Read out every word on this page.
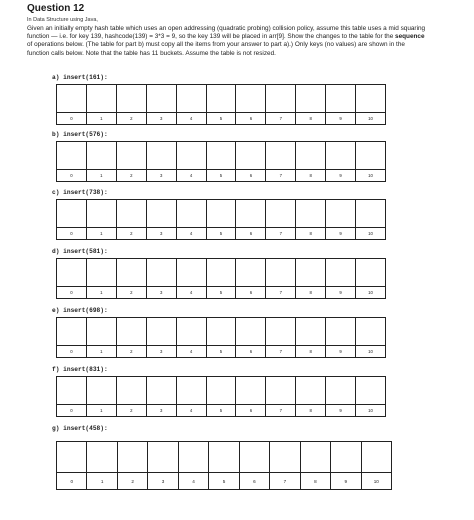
Question 12
In Data Structure using Java,
Given an initially empty hash table which uses an open addressing (quadratic probing) collision policy, assume this table uses a mid squaring function — i.e. for key 139, hashcode(139) = 3*3 = 9, so the key 139 will be placed in arr[9]. Show the changes to the table for the sequence of operations below. (The table for part b) must copy all the items from your answer to part a).) Only keys (no values) are shown in the function calls below. Note that the table has 11 buckets. Assume the table is not resized.
a) insert(161):

0	1	2	3	4	5	6	7	8	9	10
b) insert(576):

0	1	2	3	4	5	6	7	8	9	10
c) insert(738):

0	1	2	3	4	5	6	7	8	9	10
d) insert(581):

0	1	2	3	4	5	6	7	8	9	10
e) insert(698):

0	1	2	3	4	5	6	7	8	9	10
f) insert(831):

0	1	2	3	4	5	6	7	8	9	10
g) insert(458):

0	1	2	3	4	5	6	7	8	9	10
